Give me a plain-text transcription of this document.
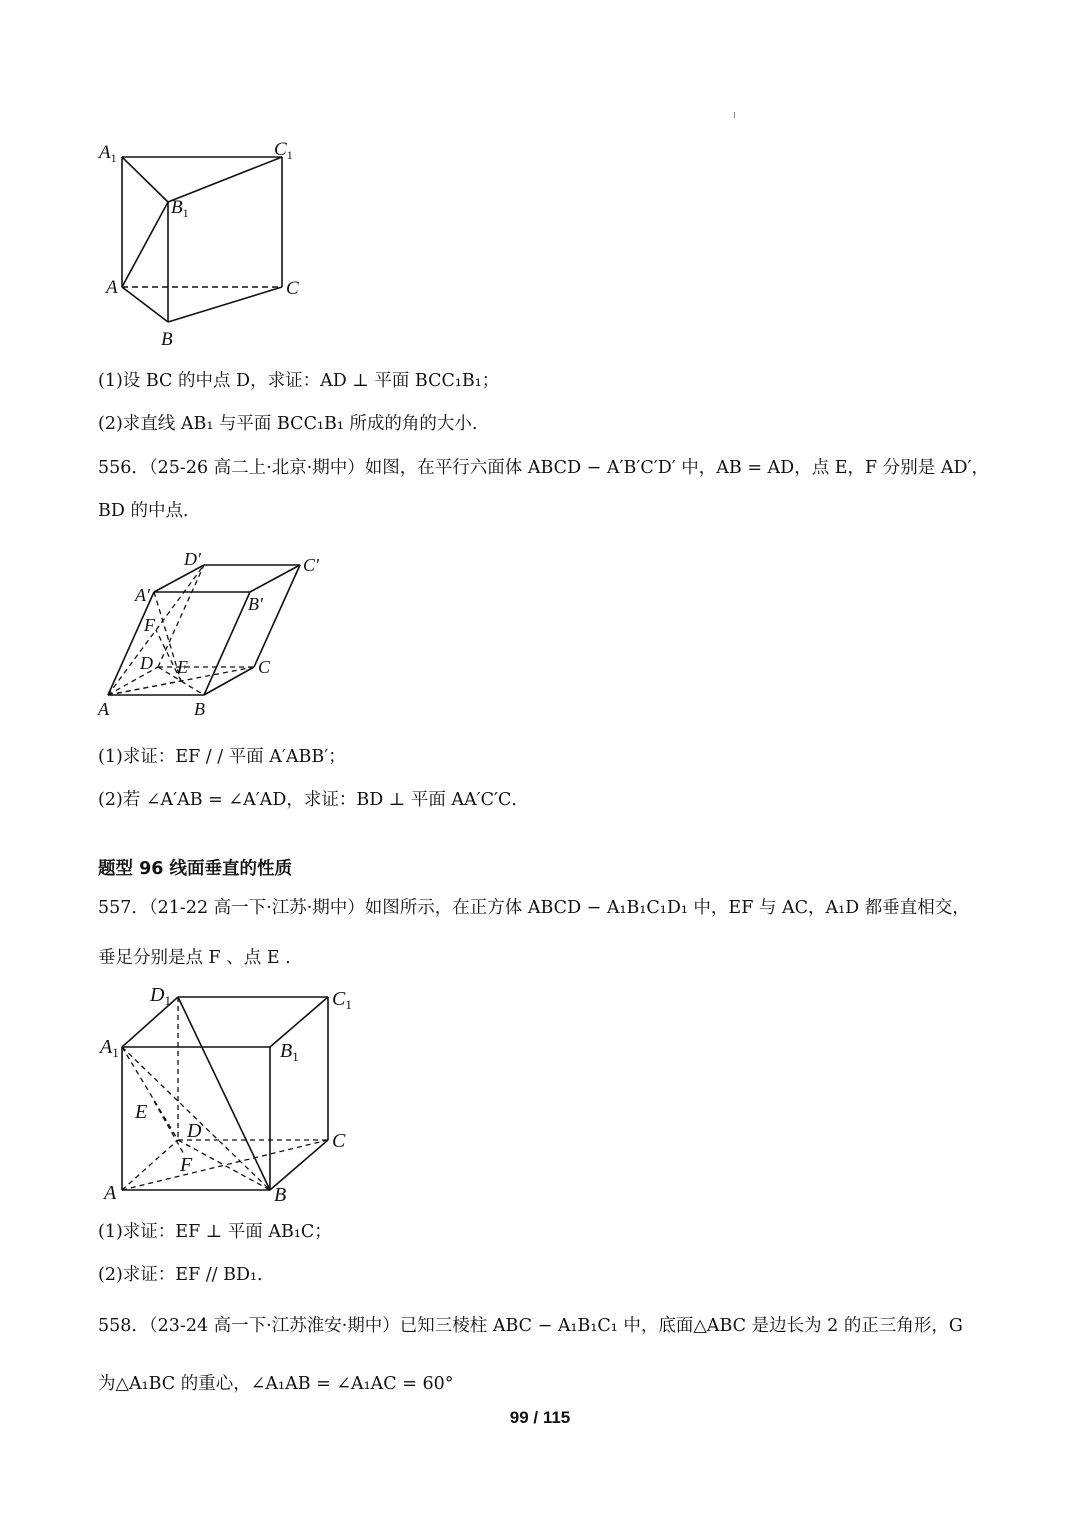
$A_1$	$C_1$
$B_1$
A	C
B
(1)设 BC 的中点 D，求证：AD ⊥ 平面 BCC₁B₁；
(2)求直线 AB₁ 与平面 BCC₁B₁ 所成的角的大小.
556．（25-26 高二上·北京·期中）如图，在平行六面体 ABCD − A′B′C′D′ 中，AB = AD，点 E，F 分别是 AD′，
BD 的中点．
D′	C′
A′	B′
F
D E	C
A	B
(1)求证：EF / / 平面 A′ABB′；
(2)若 ∠A′AB = ∠A′AD，求证：BD ⊥ 平面 AA′C′C．
题型 96 线面垂直的性质
557．（21-22 高一下·江苏·期中）如图所示，在正方体 ABCD − A₁B₁C₁D₁ 中，EF 与 AC，A₁D 都垂直相交，
垂足分别是点 F 、点 E .
$D_1$	$C_1$
$A_1$	$B_1$
E
D	C
F
A	B
(1)求证：EF ⊥ 平面 AB₁C；
(2)求证：EF // BD₁.
558．（23-24 高一下·江苏淮安·期中）已知三棱柱 ABC − A₁B₁C₁ 中，底面△ABC 是边长为 2 的正三角形，G
为△A₁BC 的重心，∠A₁AB = ∠A₁AC = 60°
99 / 115
